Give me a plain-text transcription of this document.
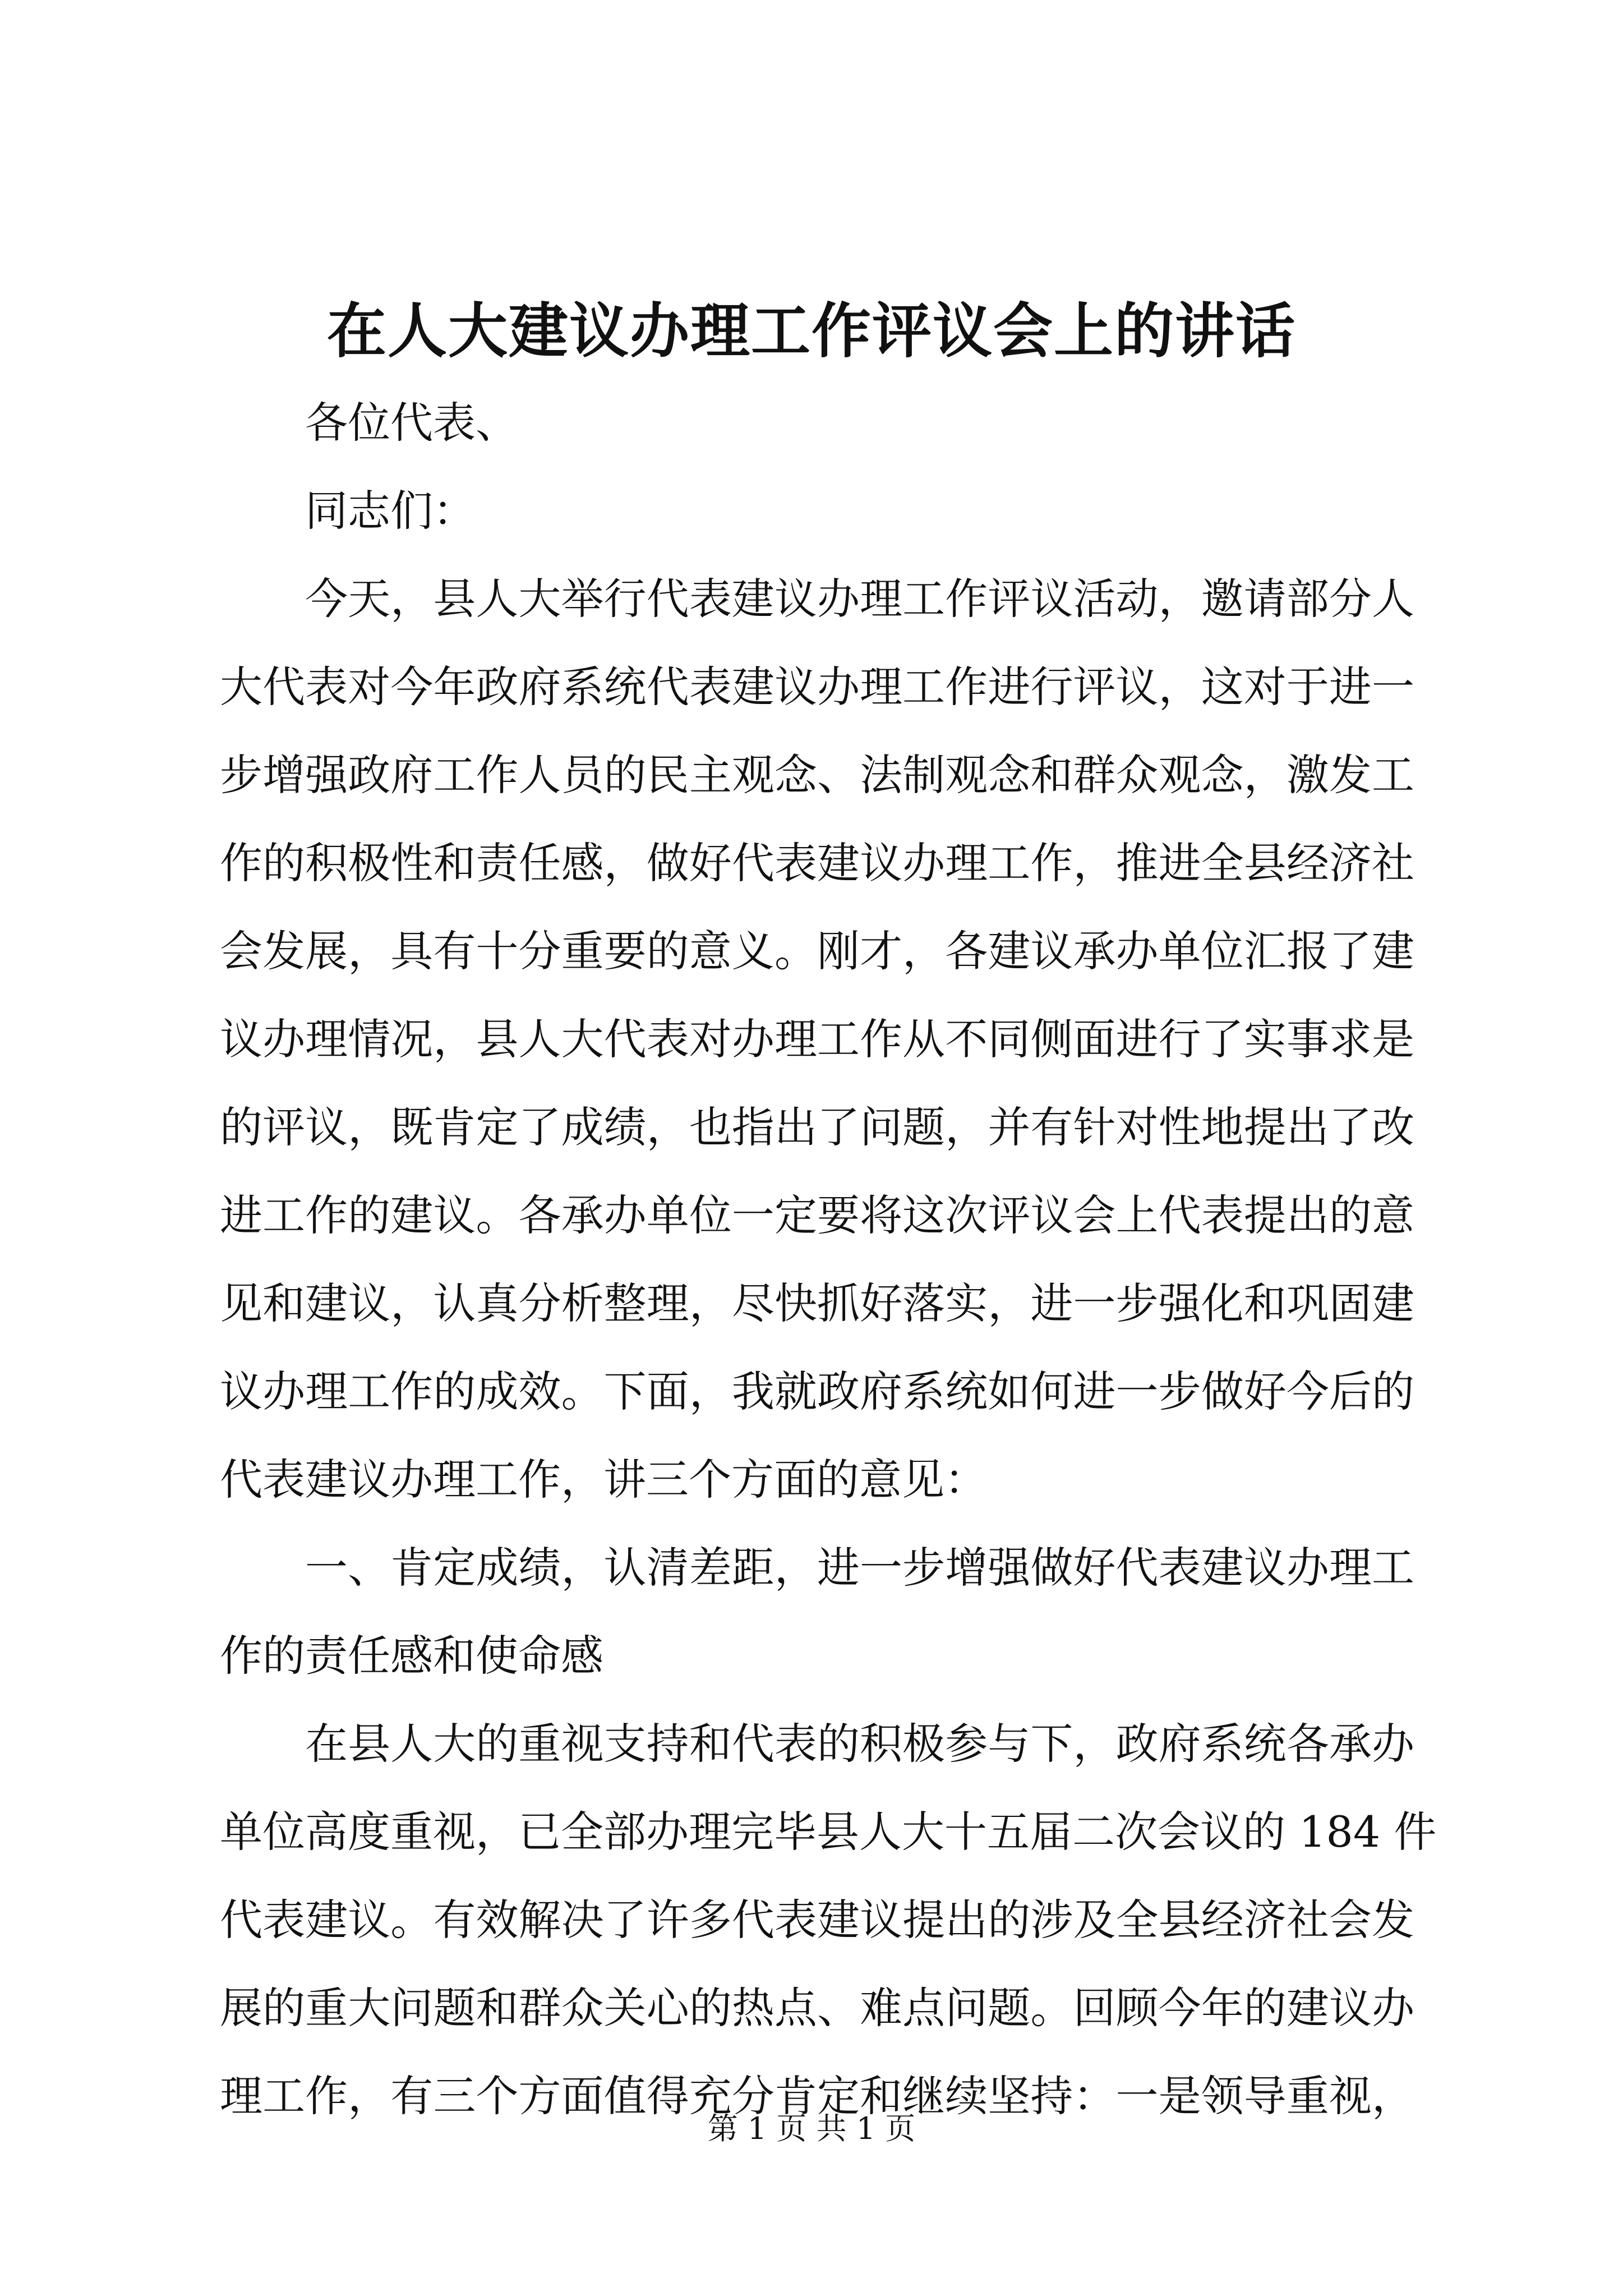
在人大建议办理工作评议会上的讲话
各位代表、
同志们：
今天，县人大举行代表建议办理工作评议活动，邀请部分人
大代表对今年政府系统代表建议办理工作进行评议，这对于进一
步增强政府工作人员的民主观念、法制观念和群众观念，激发工
作的积极性和责任感，做好代表建议办理工作，推进全县经济社
会发展，具有十分重要的意义。刚才，各建议承办单位汇报了建
议办理情况，县人大代表对办理工作从不同侧面进行了实事求是
的评议，既肯定了成绩，也指出了问题，并有针对性地提出了改
进工作的建议。各承办单位一定要将这次评议会上代表提出的意
见和建议，认真分析整理，尽快抓好落实，进一步强化和巩固建
议办理工作的成效。下面，我就政府系统如何进一步做好今后的
代表建议办理工作，讲三个方面的意见：
一、肯定成绩，认清差距，进一步增强做好代表建议办理工
作的责任感和使命感
在县人大的重视支持和代表的积极参与下，政府系统各承办
单位高度重视，已全部办理完毕县人大十五届二次会议的 184 件
代表建议。有效解决了许多代表建议提出的涉及全县经济社会发
展的重大问题和群众关心的热点、难点问题。回顾今年的建议办
理工作，有三个方面值得充分肯定和继续坚持：一是领导重视，
第 1 页 共 1 页
